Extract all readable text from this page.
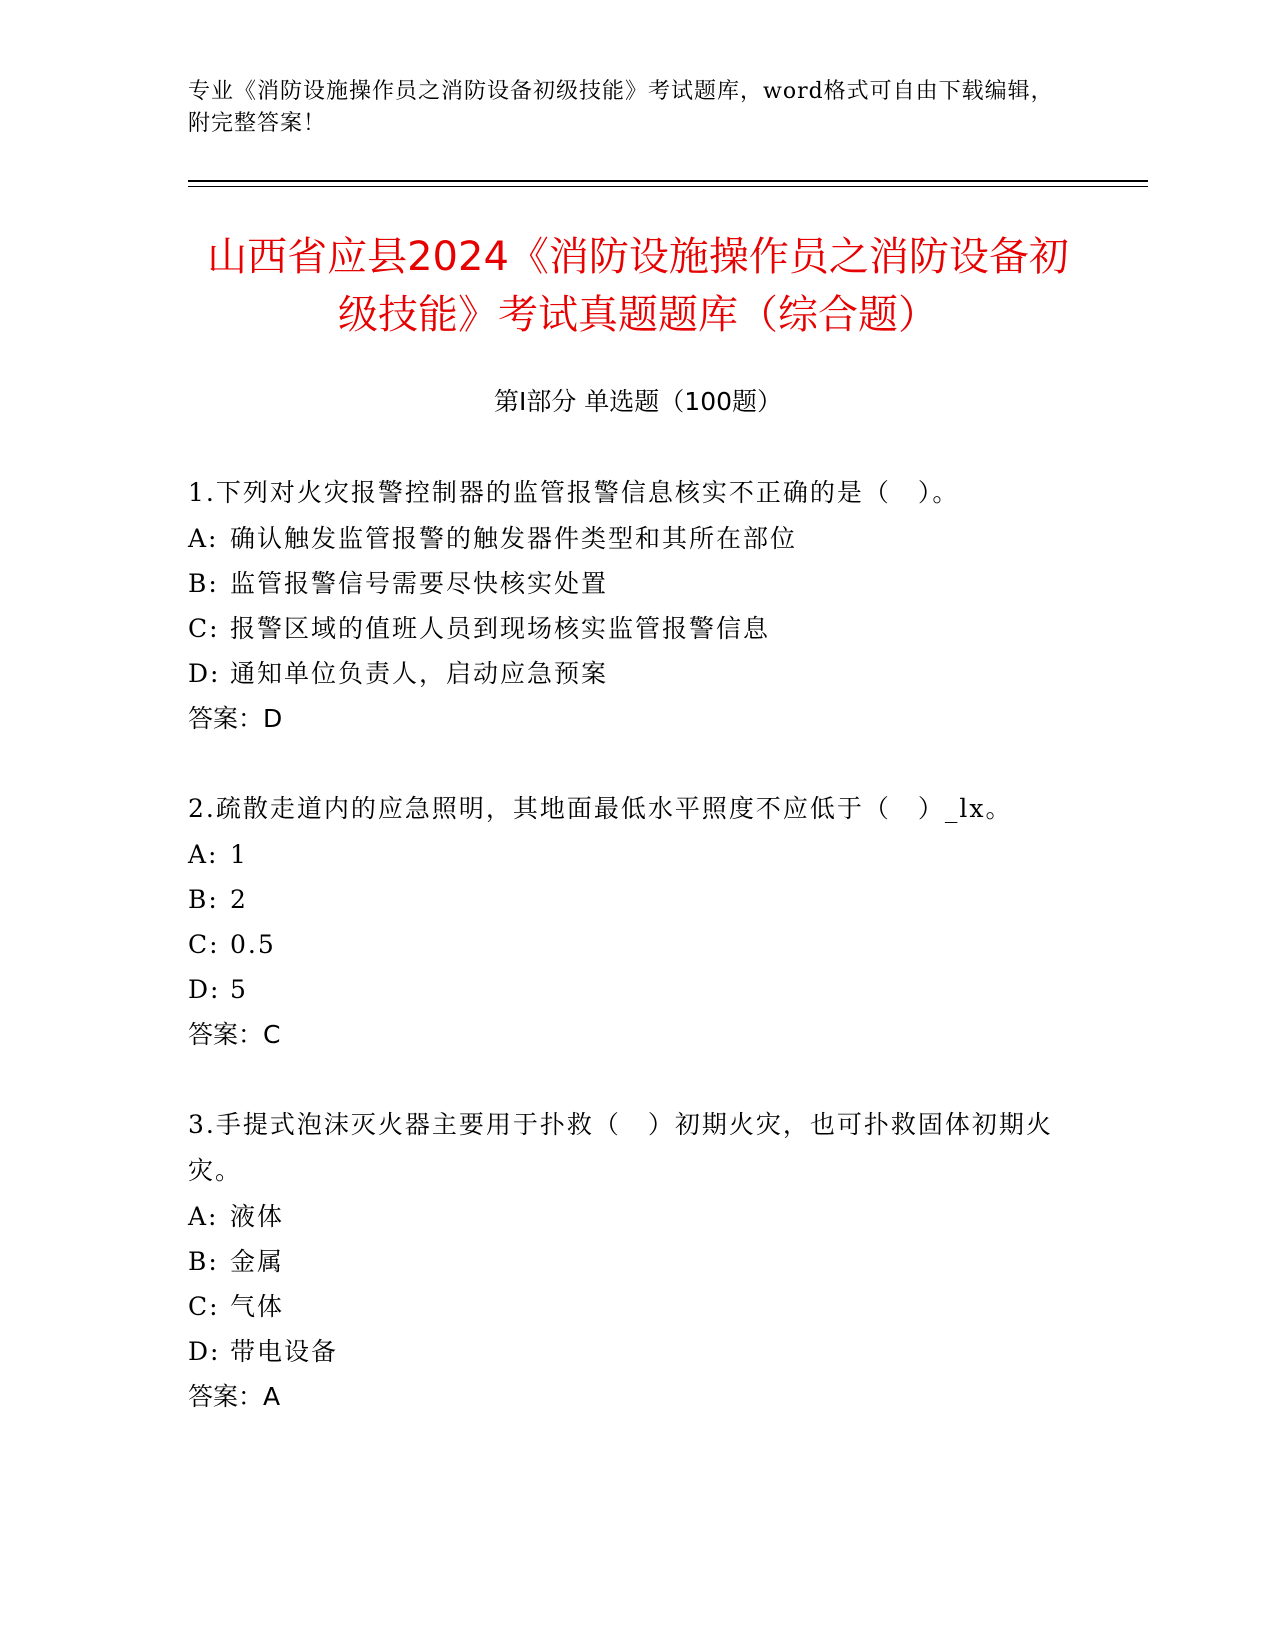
专业《消防设施操作员之消防设备初级技能》考试题库，word格式可自由下载编辑，附完整答案！
山西省应县2024《消防设施操作员之消防设备初级技能》考试真题题库（综合题）
第Ⅰ部分 单选题（100题）
1.下列对火灾报警控制器的监管报警信息核实不正确的是（　）。
A: 确认触发监管报警的触发器件类型和其所在部位
B: 监管报警信号需要尽快核实处置
C: 报警区域的值班人员到现场核实监管报警信息
D: 通知单位负责人，启动应急预案
答案：D
2.疏散走道内的应急照明，其地面最低水平照度不应低于（　）_lx。
A: 1
B: 2
C: 0.5
D: 5
答案：C
3.手提式泡沫灭火器主要用于扑救（　）初期火灾，也可扑救固体初期火灾。
A: 液体
B: 金属
C: 气体
D: 带电设备
答案：A
